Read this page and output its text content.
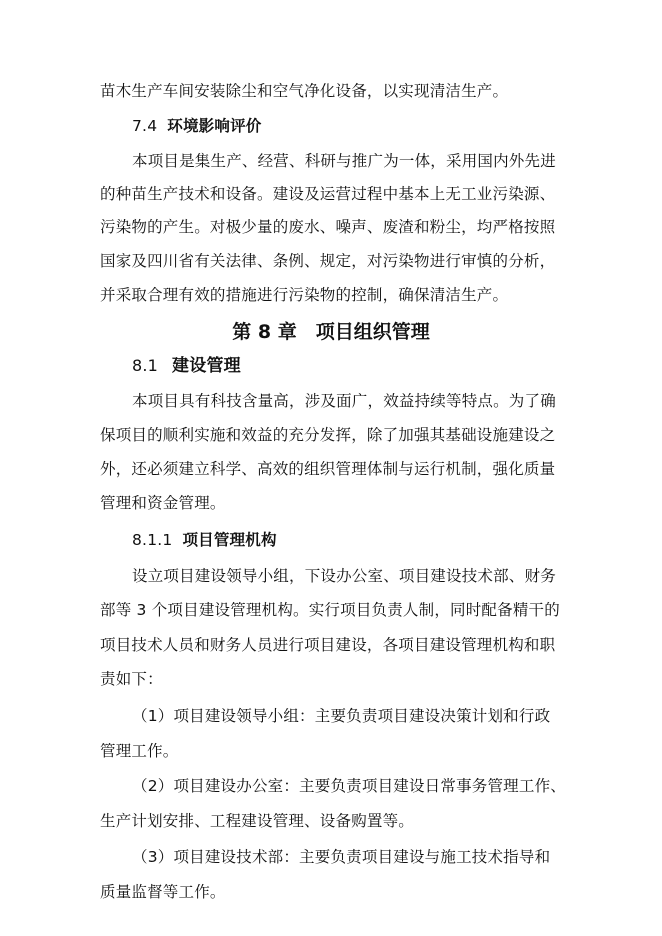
苗木生产车间安装除尘和空气净化设备，以实现清洁生产。
7.4 环境影响评价
本项目是集生产、经营、科研与推广为一体，采用国内外先进
的种苗生产技术和设备。建设及运营过程中基本上无工业污染源、
污染物的产生。对极少量的废水、噪声、废渣和粉尘，均严格按照
国家及四川省有关法律、条例、规定，对污染物进行审慎的分析，
并采取合理有效的措施进行污染物的控制，确保清洁生产。
第 8 章　项目组织管理
8.1 建设管理
本项目具有科技含量高，涉及面广，效益持续等特点。为了确
保项目的顺利实施和效益的充分发挥，除了加强其基础设施建设之
外，还必须建立科学、高效的组织管理体制与运行机制，强化质量
管理和资金管理。
8.1.1 项目管理机构
设立项目建设领导小组，下设办公室、项目建设技术部、财务
部等 3 个项目建设管理机构。实行项目负责人制，同时配备精干的
项目技术人员和财务人员进行项目建设，各项目建设管理机构和职
责如下：
（1）项目建设领导小组：主要负责项目建设决策计划和行政
管理工作。
（2）项目建设办公室：主要负责项目建设日常事务管理工作、
生产计划安排、工程建设管理、设备购置等。
（3）项目建设技术部：主要负责项目建设与施工技术指导和
质量监督等工作。
